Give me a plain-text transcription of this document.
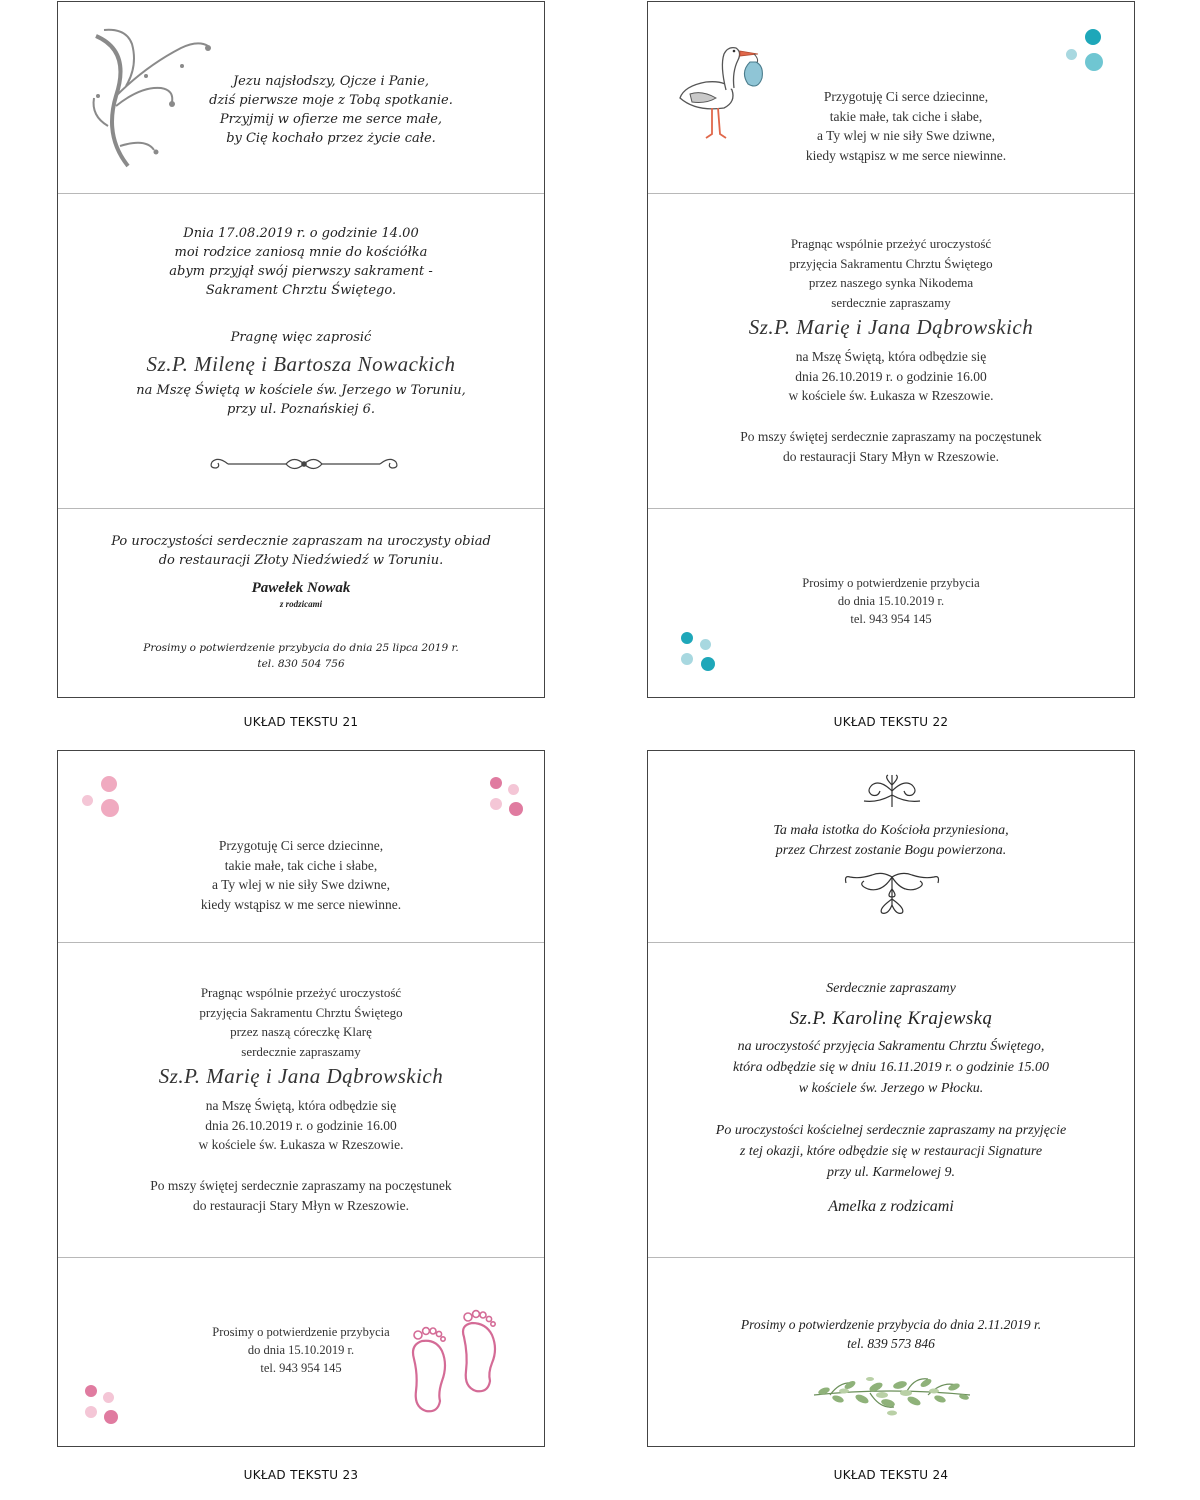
Jezu najsłodszy, Ojcze i Panie,
dziś pierwsze moje z Tobą spotkanie.
Przyjmij w ofierze me serce małe,
by Cię kochało przez życie całe.
Dnia 17.08.2019 r. o godzinie 14.00
moi rodzice zaniosą mnie do kościółka
abym przyjął swój pierwszy sakrament -
Sakrament Chrztu Świętego.
Pragnę więc zaprosić
Sz.P. Milenę i Bartosza Nowackich
na Mszę Świętą w kościele św. Jerzego w Toruniu,
przy ul. Poznańskiej 6.
Po uroczystości serdecznie zapraszam na uroczysty obiad
do restauracji Złoty Niedźwiedź w Toruniu.
Pawełek Nowak
z rodzicami
Prosimy o potwierdzenie przybycia do dnia 25 lipca 2019 r.
tel. 830 504 756
UKŁAD TEKSTU 21
Przygotuję Ci serce dziecinne,
takie małe, tak ciche i słabe,
a Ty wlej w nie siły Swe dziwne,
kiedy wstąpisz w me serce niewinne.
Pragnąc wspólnie przeżyć uroczystość
przyjęcia Sakramentu Chrztu Świętego
przez naszego synka Nikodema
serdecznie zapraszamy
Sz.P. Marię i Jana Dąbrowskich
na Mszę Świętą, która odbędzie się
dnia 26.10.2019 r. o godzinie 16.00
w kościele św. Łukasza w Rzeszowie.
Po mszy świętej serdecznie zapraszamy na poczęstunek
do restauracji Stary Młyn w Rzeszowie.
Prosimy o potwierdzenie przybycia
do dnia 15.10.2019 r.
tel. 943 954 145
UKŁAD TEKSTU 22
Przygotuję Ci serce dziecinne,
takie małe, tak ciche i słabe,
a Ty wlej w nie siły Swe dziwne,
kiedy wstąpisz w me serce niewinne.
Pragnąc wspólnie przeżyć uroczystość
przyjęcia Sakramentu Chrztu Świętego
przez naszą córeczkę Klarę
serdecznie zapraszamy
Sz.P. Marię i Jana Dąbrowskich
na Mszę Świętą, która odbędzie się
dnia 26.10.2019 r. o godzinie 16.00
w kościele św. Łukasza w Rzeszowie.
Po mszy świętej serdecznie zapraszamy na poczęstunek
do restauracji Stary Młyn w Rzeszowie.
Prosimy o potwierdzenie przybycia
do dnia 15.10.2019 r.
tel. 943 954 145
UKŁAD TEKSTU 23
Ta mała istotka do Kościoła przyniesiona,
przez Chrzest zostanie Bogu powierzona.
Serdecznie zapraszamy
Sz.P. Karolinę Krajewską
na uroczystość przyjęcia Sakramentu Chrztu Świętego,
która odbędzie się w dniu 16.11.2019 r. o godzinie 15.00
w kościele św. Jerzego w Płocku.
Po uroczystości kościelnej serdecznie zapraszamy na przyjęcie
z tej okazji, które odbędzie się w restauracji Signature
przy ul. Karmelowej 9.
Amelka z rodzicami
Prosimy o potwierdzenie przybycia do dnia 2.11.2019 r.
tel. 839 573 846
UKŁAD TEKSTU 24
